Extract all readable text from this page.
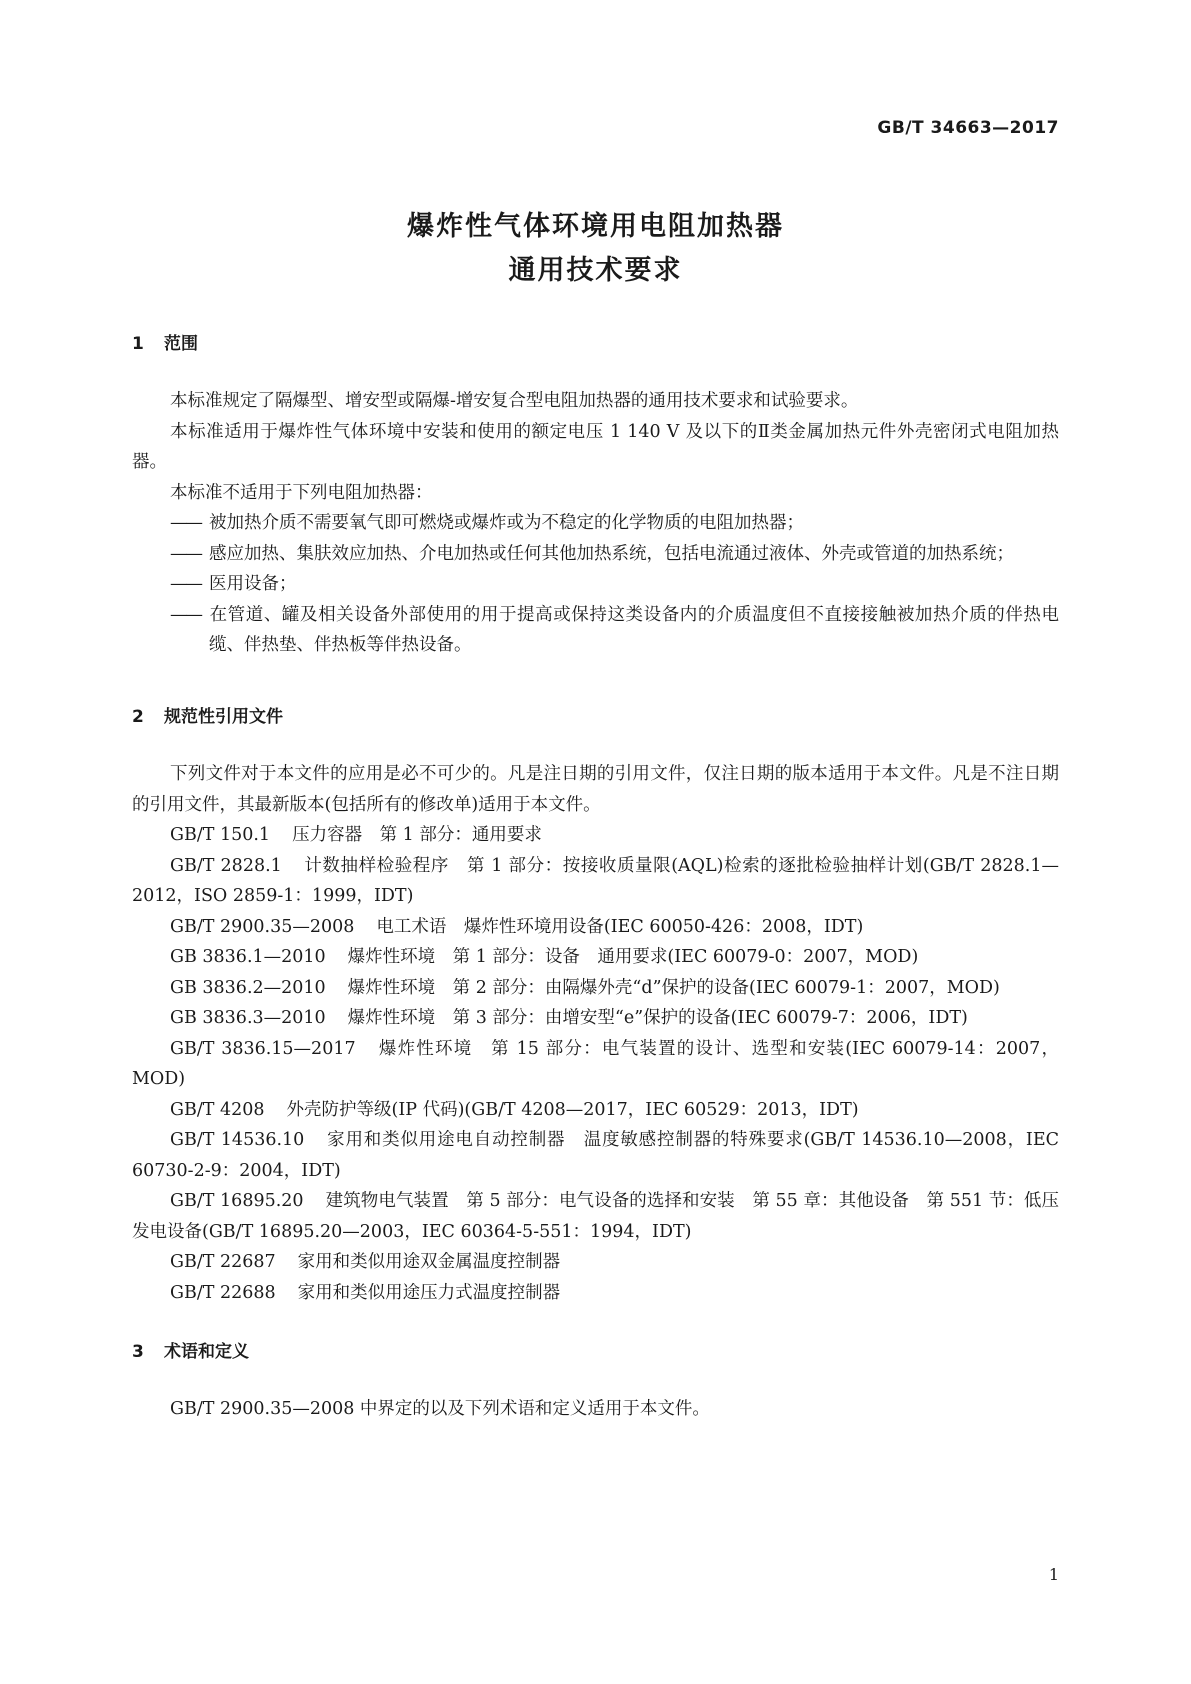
GB/T 34663—2017
爆炸性气体环境用电阻加热器
通用技术要求
1 范围

本标准规定了隔爆型、增安型或隔爆-增安复合型电阻加热器的通用技术要求和试验要求。

本标准适用于爆炸性气体环境中安装和使用的额定电压 1 140 V 及以下的Ⅱ类金属加热元件外壳密闭式电阻加热器。

本标准不适用于下列电阻加热器：

—— 被加热介质不需要氧气即可燃烧或爆炸或为不稳定的化学物质的电阻加热器；

—— 感应加热、集肤效应加热、介电加热或任何其他加热系统，包括电流通过液体、外壳或管道的加热系统；

—— 医用设备；

—— 在管道、罐及相关设备外部使用的用于提高或保持这类设备内的介质温度但不直接接触被加热介质的伴热电缆、伴热垫、伴热板等伴热设备。

2 规范性引用文件

下列文件对于本文件的应用是必不可少的。凡是注日期的引用文件，仅注日期的版本适用于本文件。凡是不注日期的引用文件，其最新版本(包括所有的修改单)适用于本文件。

GB/T 150.1 压力容器　第 1 部分：通用要求

GB/T 2828.1 计数抽样检验程序　第 1 部分：按接收质量限(AQL)检索的逐批检验抽样计划(GB/T 2828.1—2012，ISO 2859-1：1999，IDT)

GB/T 2900.35—2008 电工术语　爆炸性环境用设备(IEC 60050-426：2008，IDT)

GB 3836.1—2010 爆炸性环境　第 1 部分：设备　通用要求(IEC 60079-0：2007，MOD)

GB 3836.2—2010 爆炸性环境　第 2 部分：由隔爆外壳“d”保护的设备(IEC 60079-1：2007，MOD)

GB 3836.3—2010 爆炸性环境　第 3 部分：由增安型“e”保护的设备(IEC 60079-7：2006，IDT)

GB/T 3836.15—2017 爆炸性环境　第 15 部分：电气装置的设计、选型和安装(IEC 60079-14：2007，MOD)

GB/T 4208 外壳防护等级(IP 代码)(GB/T 4208—2017，IEC 60529：2013，IDT)

GB/T 14536.10 家用和类似用途电自动控制器　温度敏感控制器的特殊要求(GB/T 14536.10—2008，IEC 60730-2-9：2004，IDT)

GB/T 16895.20 建筑物电气装置　第 5 部分：电气设备的选择和安装　第 55 章：其他设备　第 551 节：低压发电设备(GB/T 16895.20—2003，IEC 60364-5-551：1994，IDT)

GB/T 22687 家用和类似用途双金属温度控制器

GB/T 22688 家用和类似用途压力式温度控制器

3 术语和定义

GB/T 2900.35—2008 中界定的以及下列术语和定义适用于本文件。

1
